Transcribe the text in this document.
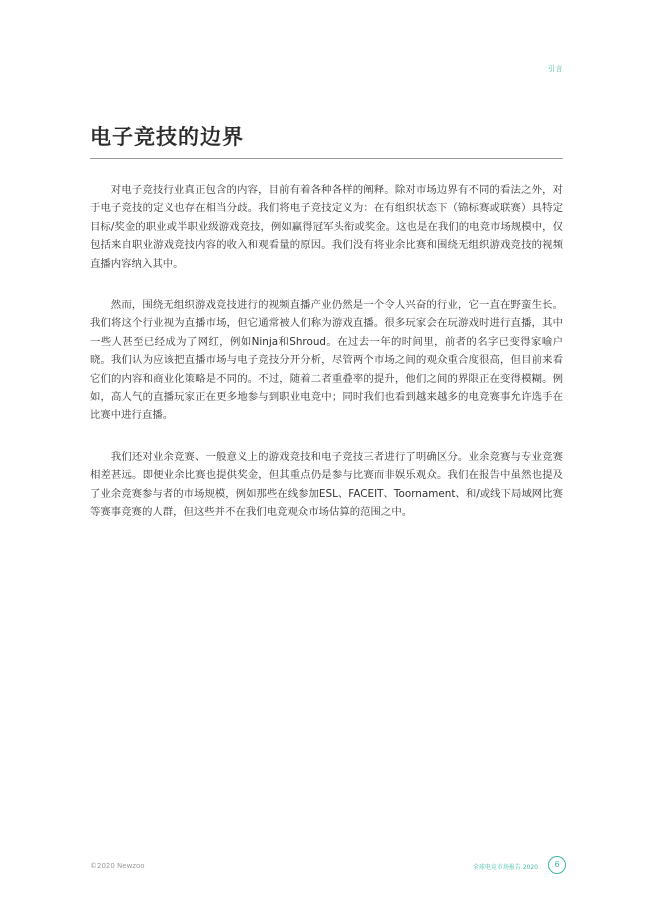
引言
电子竞技的边界

对电子竞技行业真正包含的内容，目前有着各种各样的阐释。除对市场边界有不同的看法之外，对于电子竞技的定义也存在相当分歧。我们将电子竞技定义为：在有组织状态下（锦标赛或联赛）具特定目标/奖金的职业或半职业级游戏竞技，例如赢得冠军头衔或奖金。这也是在我们的电竞市场规模中，仅包括来自职业游戏竞技内容的收入和观看量的原因。我们没有将业余比赛和围绕无组织游戏竞技的视频直播内容纳入其中。

然而，围绕无组织游戏竞技进行的视频直播产业仍然是一个令人兴奋的行业，它一直在野蛮生长。我们将这个行业视为直播市场，但它通常被人们称为游戏直播。很多玩家会在玩游戏时进行直播，其中一些人甚至已经成为了网红，例如Ninja和Shroud。在过去一年的时间里，前者的名字已变得家喻户晓。我们认为应该把直播市场与电子竞技分开分析，尽管两个市场之间的观众重合度很高，但目前来看它们的内容和商业化策略是不同的。不过，随着二者重叠率的提升，他们之间的界限正在变得模糊。例如，高人气的直播玩家正在更多地参与到职业电竞中；同时我们也看到越来越多的电竞赛事允许选手在比赛中进行直播。

我们还对业余竞赛、一般意义上的游戏竞技和电子竞技三者进行了明确区分。业余竞赛与专业竞赛相差甚远。即便业余比赛也提供奖金，但其重点仍是参与比赛而非娱乐观众。我们在报告中虽然也提及了业余竞赛参与者的市场规模，例如那些在线参加ESL、FACEIT、Toornament、和/或线下局域网比赛等赛事竞赛的人群，但这些并不在我们电竞观众市场估算的范围之中。

©2020 Newzoo	全球电竞市场报告 2020	6
